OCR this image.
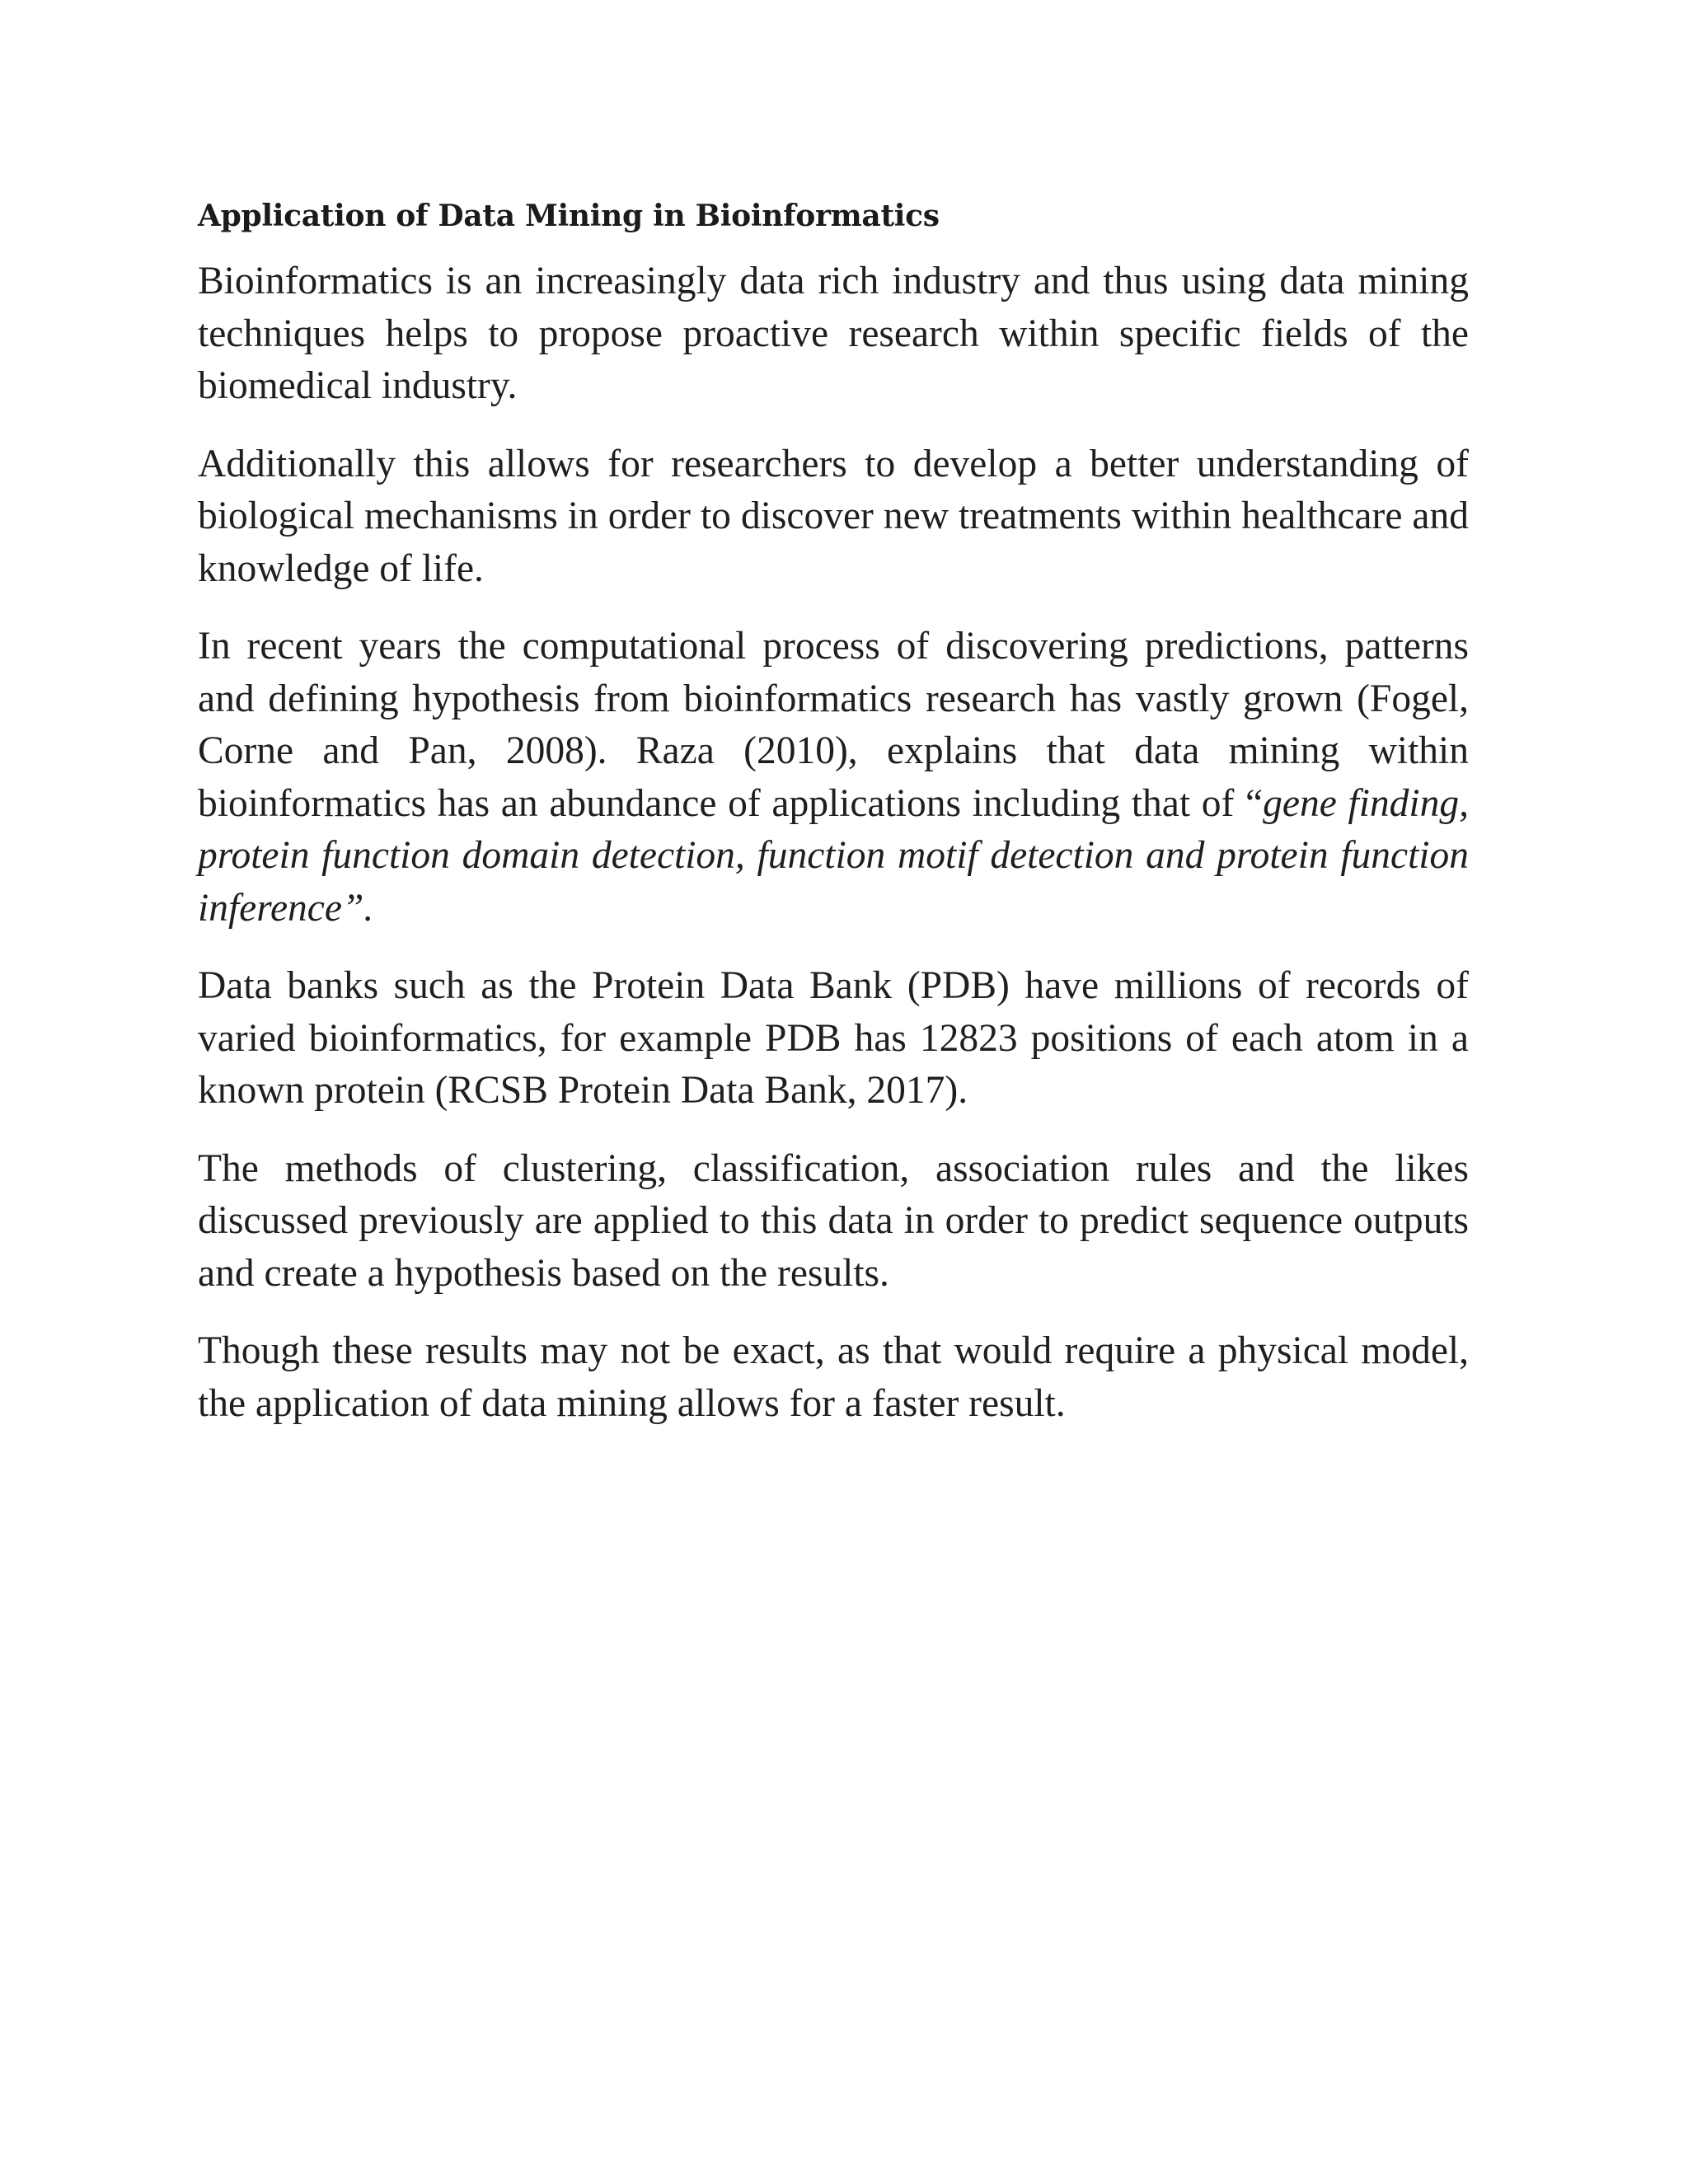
Application of Data Mining in Bioinformatics

Bioinformatics is an increasingly data rich industry and thus using data mining techniques helps to propose proactive research within specific fields of the biomedical industry.

Additionally this allows for researchers to develop a better understanding of biological mechanisms in order to discover new treatments within healthcare and knowledge of life.

In recent years the computational process of discovering predictions, patterns and defining hypothesis from bioinformatics research has vastly grown (Fogel, Corne and Pan, 2008). Raza (2010), explains that data mining within bioinformatics has an abundance of applications including that of “gene finding, protein function domain detection, function motif detection and protein function inference”.

Data banks such as the Protein Data Bank (PDB) have millions of records of varied bioinformatics, for example PDB has 12823 positions of each atom in a known protein (RCSB Protein Data Bank, 2017).

The methods of clustering, classification, association rules and the likes discussed previously are applied to this data in order to predict sequence outputs and create a hypothesis based on the results.

Though these results may not be exact, as that would require a physical model, the application of data mining allows for a faster result.
